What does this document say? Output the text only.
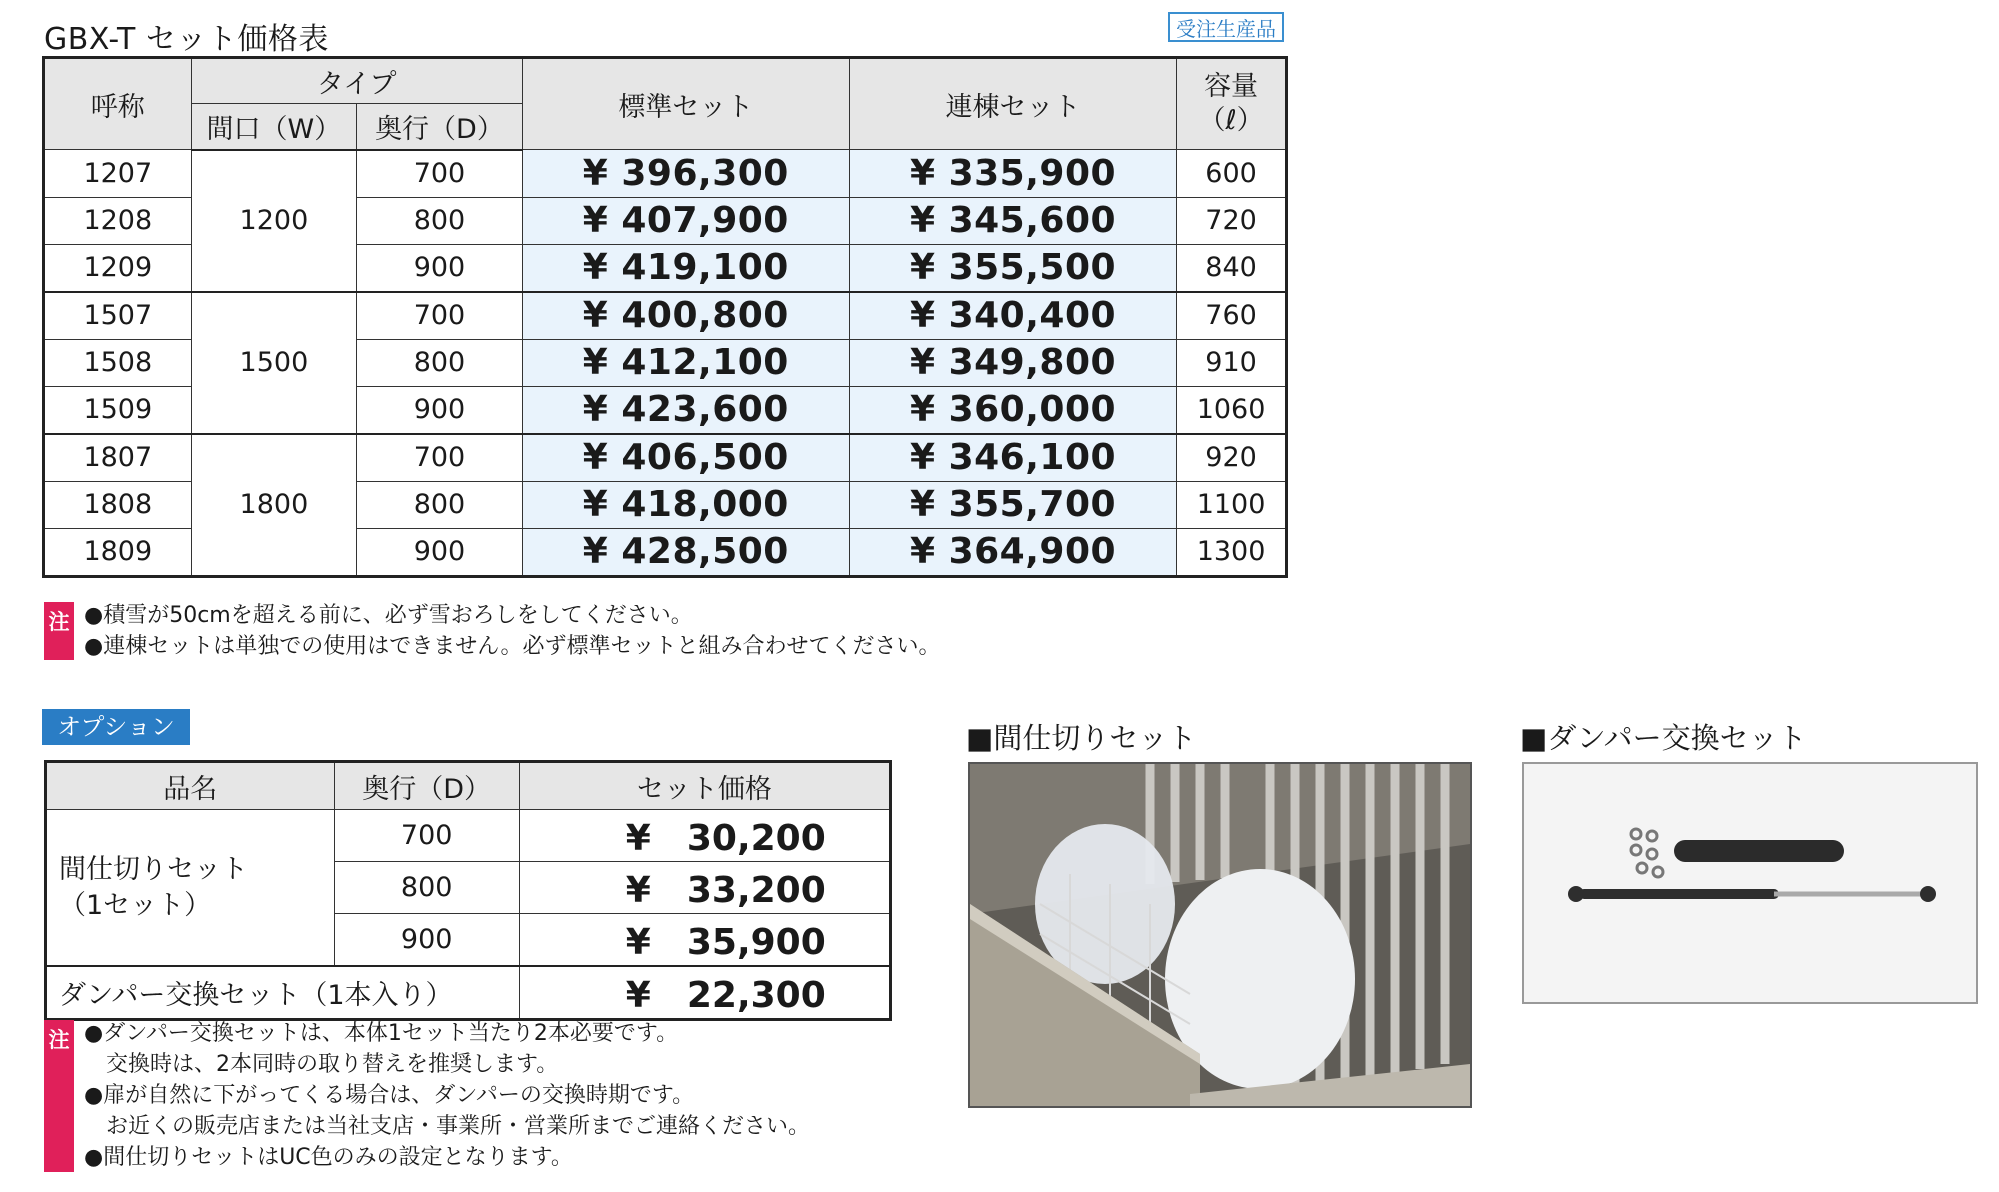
GBX-T セット価格表	受注生産品
呼称	タイプ		標準セット	連棟セット	容量
（ℓ）
	間口（W）	奥行（D）			
1207	1200	700	¥ 396,300	¥ 335,900	600
1208		800	¥ 407,900	¥ 345,600	720
1209		900	¥ 419,100	¥ 355,500	840
1507	1500	700	¥ 400,800	¥ 340,400	760
1508		800	¥ 412,100	¥ 349,800	910
1509		900	¥ 423,600	¥ 360,000	1060
1807	1800	700	¥ 406,500	¥ 346,100	920
1808		800	¥ 418,000	¥ 355,700	1100
1809		900	¥ 428,500	¥ 364,900	1300
注 ●積雪が50cmを超える前に、必ず雪おろしをしてください。
●連棟セットは単独での使用はできません。必ず標準セットと組み合わせてください。
オプション
品名	奥行（D）	セット価格
間仕切りセット
（1セット）	700	¥　30,200
	800	¥　33,200
	900	¥　35,900
ダンパー交換セット（1本入り）		¥　22,300
注 ●ダンパー交換セットは、本体1セット当たり2本必要です。
　交換時は、2本同時の取り替えを推奨します。
●扉が自然に下がってくる場合は、ダンパーの交換時期です。
　お近くの販売店または当社支店・事業所・営業所までご連絡ください。
●間仕切りセットはUC色のみの設定となります。
■間仕切りセット	■ダンパー交換セット
